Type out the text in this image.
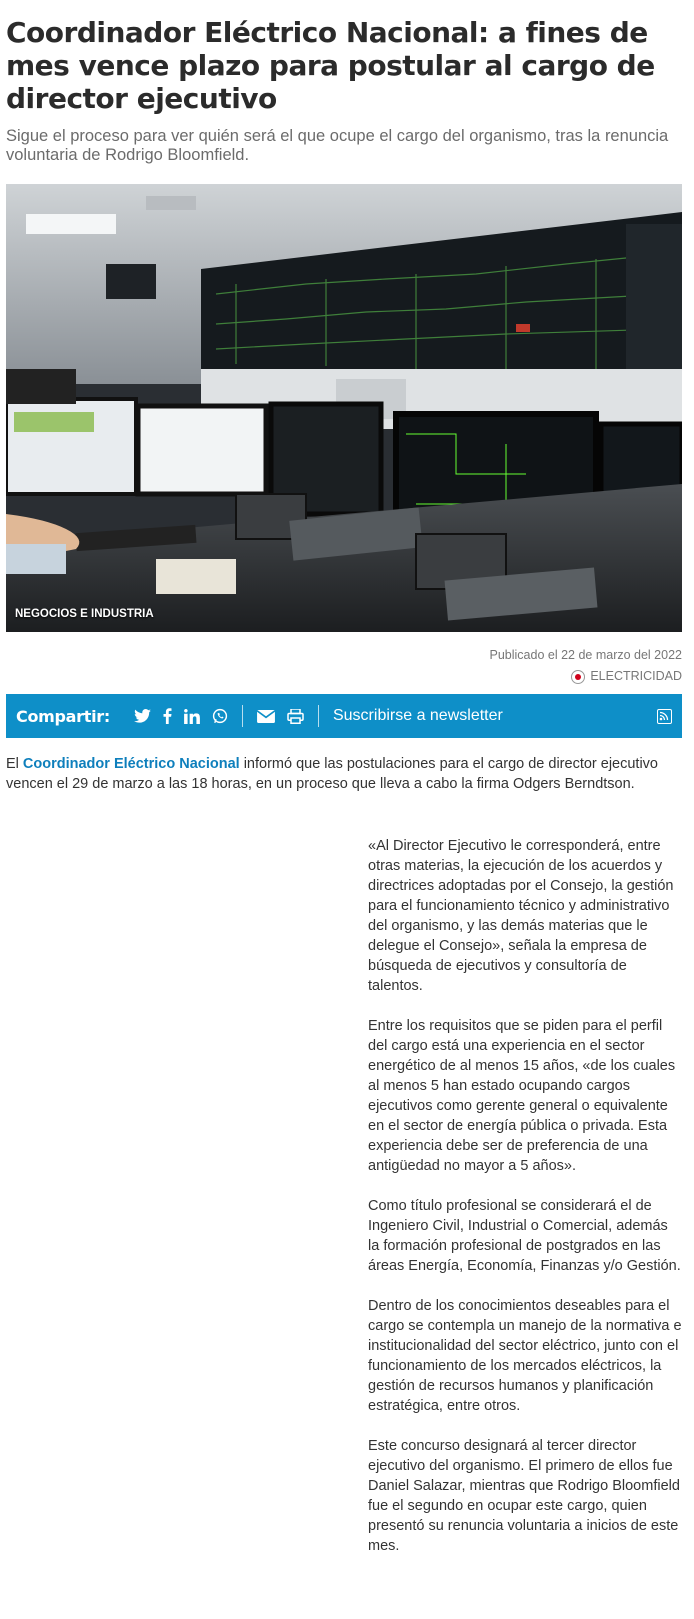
Coordinador Eléctrico Nacional: a fines de mes vence plazo para postular al cargo de director ejecutivo

Sigue el proceso para ver quién será el que ocupe el cargo del organismo, tras la renuncia voluntaria de Rodrigo Bloomfield.

NEGOCIOS E INDUSTRIA
Publicado el 22 de marzo del 2022
ELECTRICIDAD
Compartir:	Suscribirse a newsletter

El Coordinador Eléctrico Nacional informó que las postulaciones para el cargo de director ejecutivo vencen el 29 de marzo a las 18 horas, en un proceso que lleva a cabo la firma Odgers Berndtson.

«Al Director Ejecutivo le corresponderá, entre otras materias, la ejecución de los acuerdos y directrices adoptadas por el Consejo, la gestión para el funcionamiento técnico y administrativo del organismo, y las demás materias que le delegue el Consejo», señala la empresa de búsqueda de ejecutivos y consultoría de talentos.

Entre los requisitos que se piden para el perfil del cargo está una experiencia en el sector energético de al menos 15 años, «de los cuales al menos 5 han estado ocupando cargos ejecutivos como gerente general o equivalente en el sector de energía pública o privada. Esta experiencia debe ser de preferencia de una antigüedad no mayor a 5 años».

Como título profesional se considerará el de Ingeniero Civil, Industrial o Comercial, además la formación profesional de postgrados en las áreas Energía, Economía, Finanzas y/o Gestión.

Dentro de los conocimientos deseables para el cargo se contempla un manejo de la normativa e institucionalidad del sector eléctrico, junto con el funcionamiento de los mercados eléctricos, la gestión de recursos humanos y planificación estratégica, entre otros.

Este concurso designará al tercer director ejecutivo del organismo. El primero de ellos fue Daniel Salazar, mientras que Rodrigo Bloomfield fue el segundo en ocupar este cargo, quien presentó su renuncia voluntaria a inicios de este mes.
